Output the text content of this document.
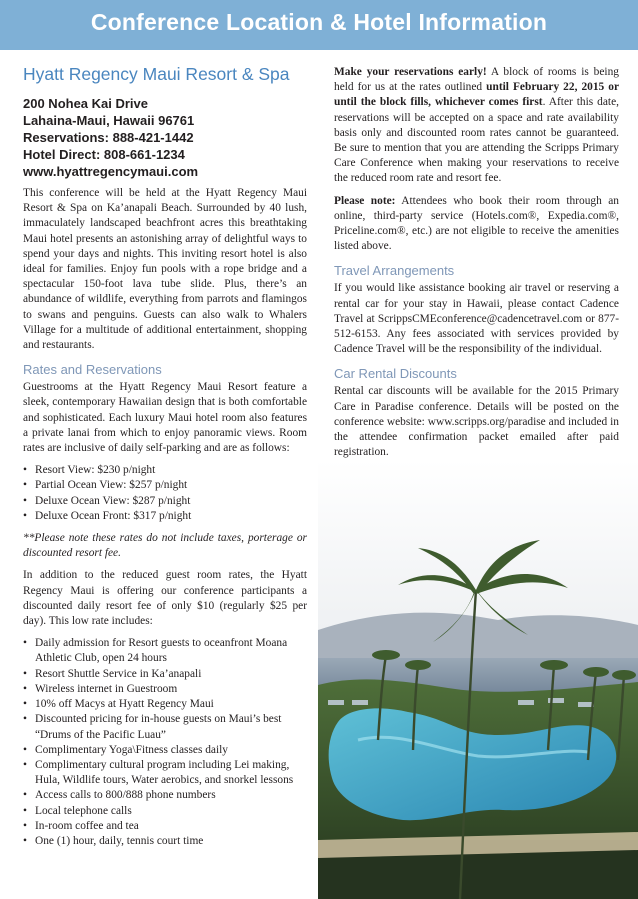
Conference Location & Hotel Information
Hyatt Regency Maui Resort & Spa
200 Nohea Kai Drive
Lahaina-Maui, Hawaii 96761
Reservations: 888-421-1442
Hotel Direct: 808-661-1234
www.hyattregencymaui.com

This conference will be held at the Hyatt Regency Maui Resort & Spa on Ka’anapali Beach. Surrounded by 40 lush, immaculately landscaped beachfront acres this breathtaking Maui hotel presents an astonishing array of delightful ways to spend your days and nights. This inviting resort hotel is also ideal for families. Enjoy fun pools with a rope bridge and a spectacular 150-foot lava tube slide. Plus, there’s an abundance of wildlife, everything from parrots and flamingos to swans and penguins. Guests can also walk to Whalers Village for a multitude of additional entertainment, shopping and restaurants.

Rates and Reservations

Guestrooms at the Hyatt Regency Maui Resort feature a sleek, contemporary Hawaiian design that is both comfortable and sophisticated. Each luxury Maui hotel room also features a private lanai from which to enjoy panoramic views. Room rates are inclusive of daily self-parking and are as follows:

• Resort View: $230 p/night
• Partial Ocean View: $257 p/night
• Deluxe Ocean View: $287 p/night
• Deluxe Ocean Front: $317 p/night

**Please note these rates do not include taxes, porterage or discounted resort fee.

In addition to the reduced guest room rates, the Hyatt Regency Maui is offering our conference participants a discounted daily resort fee of only $10 (regularly $25 per day). This low rate includes:

• Daily admission for Resort guests to oceanfront Moana Athletic Club, open 24 hours
• Resort Shuttle Service in Ka’anapali
• Wireless internet in Guestroom
• 10% off Macys at Hyatt Regency Maui
• Discounted pricing for in-house guests on Maui’s best “Drums of the Pacific Luau”
• Complimentary Yoga\Fitness classes daily
• Complimentary cultural program including Lei making, Hula, Wildlife tours, Water aerobics, and snorkel lessons
• Access calls to 800/888 phone numbers
• Local telephone calls
• In-room coffee and tea
• One (1) hour, daily, tennis court time

Make your reservations early! A block of rooms is being held for us at the rates outlined until February 22, 2015 or until the block fills, whichever comes first. After this date, reservations will be accepted on a space and rate availability basis only and discounted room rates cannot be guaranteed. Be sure to mention that you are attending the Scripps Primary Care Conference when making your reservations to receive the reduced room rate and resort fee.

Please note: Attendees who book their room through an online, third-party service (Hotels.com®, Expedia.com®, Priceline.com®, etc.) are not eligible to receive the amenities listed above.

Travel Arrangements

If you would like assistance booking air travel or reserving a rental car for your stay in Hawaii, please contact Cadence Travel at ScrippsCMEconference@cadencetravel.com or 877-512-6153. Any fees associated with services provided by Cadence Travel will be the responsibility of the individual.

Car Rental Discounts

Rental car discounts will be available for the 2015 Primary Care in Paradise conference. Details will be posted on the conference website: www.scripps.org/paradise and included in the attendee confirmation packet emailed after paid registration.
